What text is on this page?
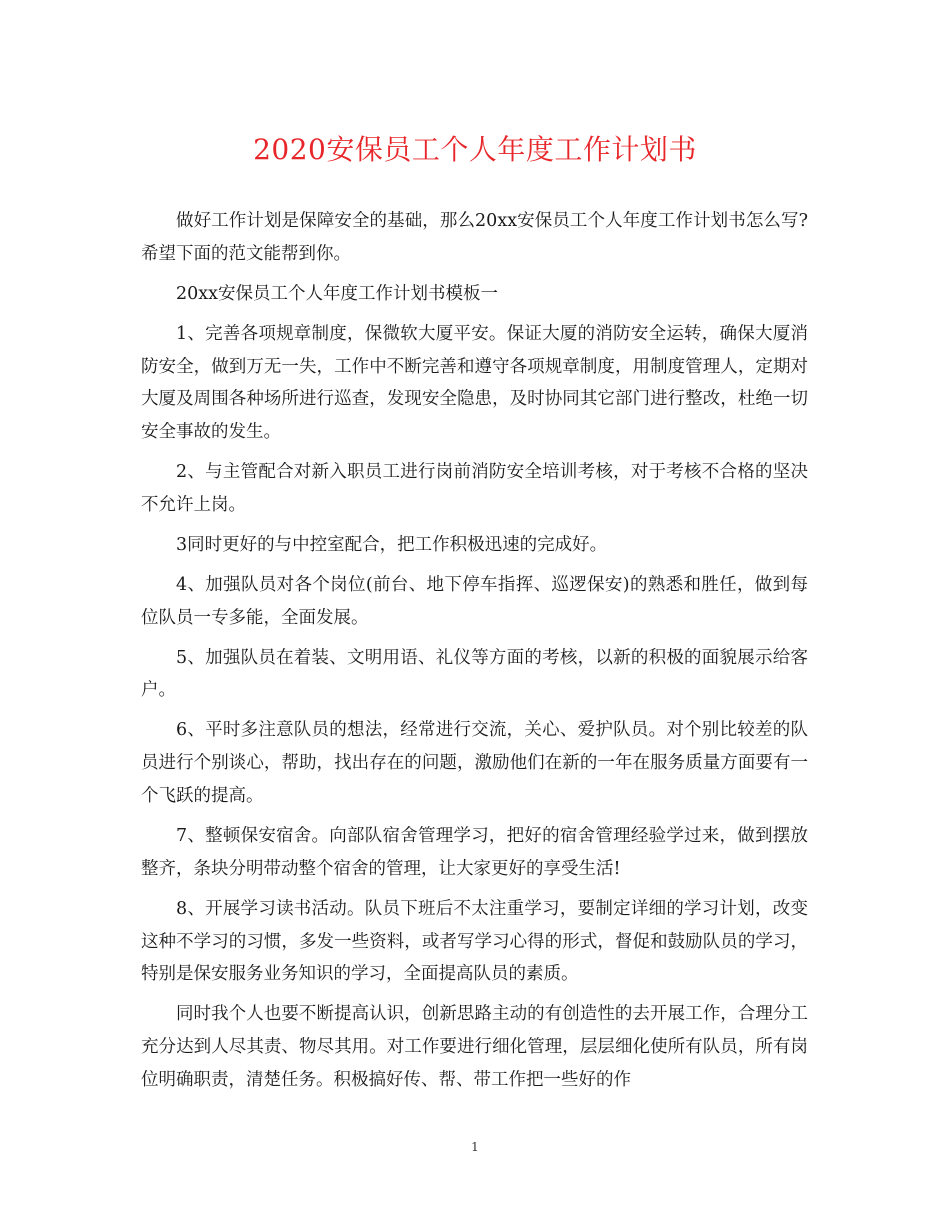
2020安保员工个人年度工作计划书

做好工作计划是保障安全的基础，那么20xx安保员工个人年度工作计划书怎么写?希望下面的范文能帮到你。

20xx安保员工个人年度工作计划书模板一

1、完善各项规章制度，保微软大厦平安。保证大厦的消防安全运转，确保大厦消防安全，做到万无一失，工作中不断完善和遵守各项规章制度，用制度管理人，定期对大厦及周围各种场所进行巡查，发现安全隐患，及时协同其它部门进行整改，杜绝一切安全事故的发生。

2、与主管配合对新入职员工进行岗前消防安全培训考核，对于考核不合格的坚决不允许上岗。

3同时更好的与中控室配合，把工作积极迅速的完成好。

4、加强队员对各个岗位(前台、地下停车指挥、巡逻保安)的熟悉和胜任，做到每位队员一专多能，全面发展。

5、加强队员在着装、文明用语、礼仪等方面的考核，以新的积极的面貌展示给客户。

6、平时多注意队员的想法，经常进行交流，关心、爱护队员。对个别比较差的队员进行个别谈心，帮助，找出存在的问题，激励他们在新的一年在服务质量方面要有一个飞跃的提高。

7、整顿保安宿舍。向部队宿舍管理学习，把好的宿舍管理经验学过来，做到摆放整齐，条块分明带动整个宿舍的管理，让大家更好的享受生活!

8、开展学习读书活动。队员下班后不太注重学习，要制定详细的学习计划，改变这种不学习的习惯，多发一些资料，或者写学习心得的形式，督促和鼓励队员的学习，特别是保安服务业务知识的学习，全面提高队员的素质。

同时我个人也要不断提高认识，创新思路主动的有创造性的去开展工作，合理分工充分达到人尽其责、物尽其用。对工作要进行细化管理，层层细化使所有队员，所有岗位明确职责，清楚任务。积极搞好传、帮、带工作把一些好的作

1
